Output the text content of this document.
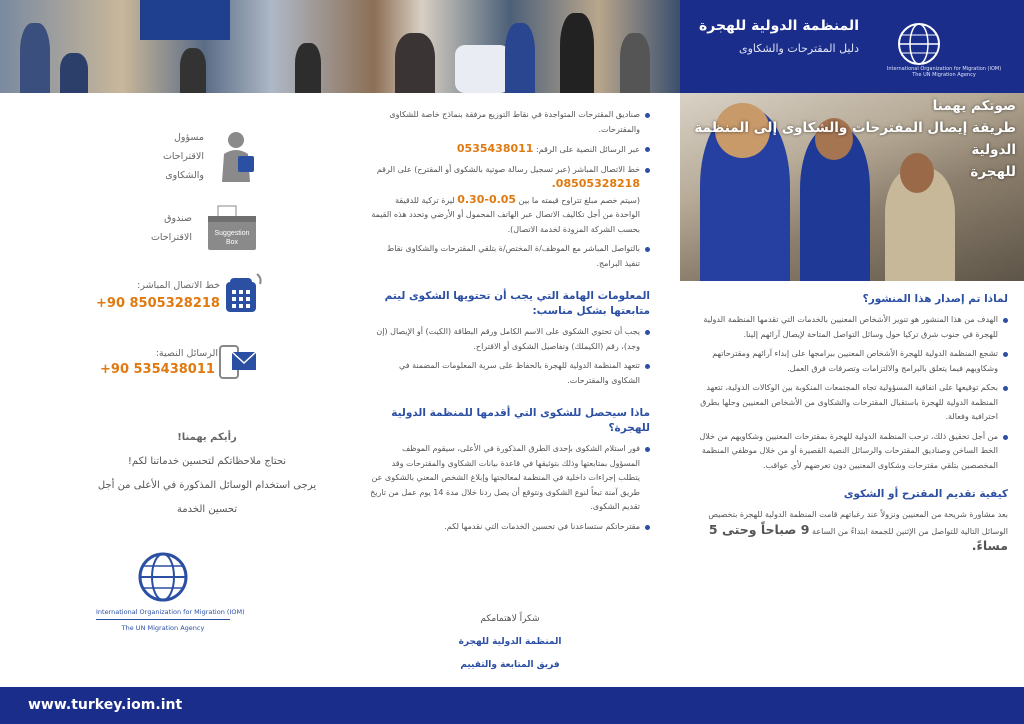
المنظمة الدولية للهجرة
دليل المقترحات والشكاوى
International Organization for Migration (IOM)
The UN Migration Agency
صوتكم يهمنا
طريقة إيصال المقترحات والشكاوى إلى المنظمة الدولية
للهجرة
لماذا تم إصدار هذا المنشور؟
الهدف من هذا المنشور هو تنوير الأشخاص المعنيين بالخدمات التي تقدمها المنظمة الدولية للهجرة في جنوب شرق تركيا حول وسائل التواصل المتاحة لإيصال آرائهم إلينا.
تشجع المنظمة الدولية للهجرة الأشخاص المعنيين ببرامجها على إبداء آرائهم ومقترحاتهم وشكاويهم فيما يتعلق بالبرامج والالتزامات وتصرفات فرق العمل.
بحكم توقيعها على اتفاقية المسؤولية تجاه المجتمعات المنكوبة بين الوكالات الدولية، تتعهد المنظمة الدولية للهجرة باستقبال المقترحات والشكاوى من الأشخاص المعنيين وحلها بطرق احترافية وفعالة.
من أجل تحقيق ذلك، ترحب المنظمة الدولية للهجرة بمقترحات المعنيين وشكاويهم من خلال الخط الساخن وصناديق المقترحات والرسائل النصية القصيرة أو من خلال موظفي المنظمة المخصصين بتلقي مقترحات وشكاوى المعنيين دون تعرضهم لأي عواقب.
كيفية تقديم المقترح أو الشكوى
بعد مشاورة شريحة من المعنيين ونزولاً عند رغباتهم قامت المنظمة الدولية للهجرة بتخصيص الوسائل التالية للتواصل من الإثنين للجمعة ابتداءً من الساعة 9 صباحاً وحتى 5 مساءً.
صناديق المقترحات المتواجدة في نقاط التوزيع مرفقة بنماذج خاصة للشكاوى والمقترحات.
عبر الرسائل النصية على الرقم: 0535438011
خط الاتصال المباشر (عبر تسجيل رسالة صوتية بالشكوى أو المقترح) على الرقم 08505328218.
(سيتم خصم مبلغ تتراوح قيمته ما بين 0.05-0.30 ليرة تركية للدقيقة الواحدة من أجل تكاليف الاتصال عبر الهاتف المحمول أو الأرضي وتحدد هذه القيمة بحسب الشركة المزودة لخدمة الاتصال).
بالتواصل المباشر مع الموظف/ة المختص/ة بتلقي المقترحات والشكاوى نقاط تنفيذ البرامج.
المعلومات الهامة التي يجب أن تحتويها الشكوى ليتم متابعتها بشكل مناسب:
يجب أن تحتوي الشكوى على الاسم الكامل ورقم البطاقة (الكيت) أو الإيصال (إن وجد)، رقم (الكيملك) وتفاصيل الشكوى أو الاقتراح.
تتعهد المنظمة الدولية للهجرة بالحفاظ على سرية المعلومات المضمنة في الشكاوى والمقترحات.
ماذا سيحصل للشكوى التي أقدمها للمنظمة الدولية للهجرة؟
فور استلام الشكوى بإحدى الطرق المذكورة في الأعلى، سيقوم الموظف المسؤول بمتابعتها وذلك بتوثيقها في قاعدة بيانات الشكاوى والمقترحات وقد يتطلب إجراءات داخلية في المنظمة لمعالجتها وإبلاغ الشخص المعني بالشكوى عن طريق آمنة تبعاً لنوع الشكوى ونتوقع أن يصل ردنا خلال مدة 14 يوم عمل من تاريخ تقديم الشكوى.
مقترحاتكم ستساعدنا في تحسين الخدمات التي نقدمها لكم.
شكراً لاهتمامكم
المنظمة الدولية للهجرة
فريق المتابعة والتقييم
مسؤول الاقتراحات والشكاوى
Suggestion
Box
صندوق الاقتراحات
خط الاتصال المباشر:
+90 8505328218
الرسائل النصية:
+90 535438011
رأيكم يهمنا!
نحتاج ملاحظاتكم لتحسين خدماتنا لكم!
يرجى استخدام الوسائل المذكورة في الأعلى من أجل تحسين الخدمة
International Organization for Migration (IOM)
The UN Migration Agency
www.turkey.iom.int
